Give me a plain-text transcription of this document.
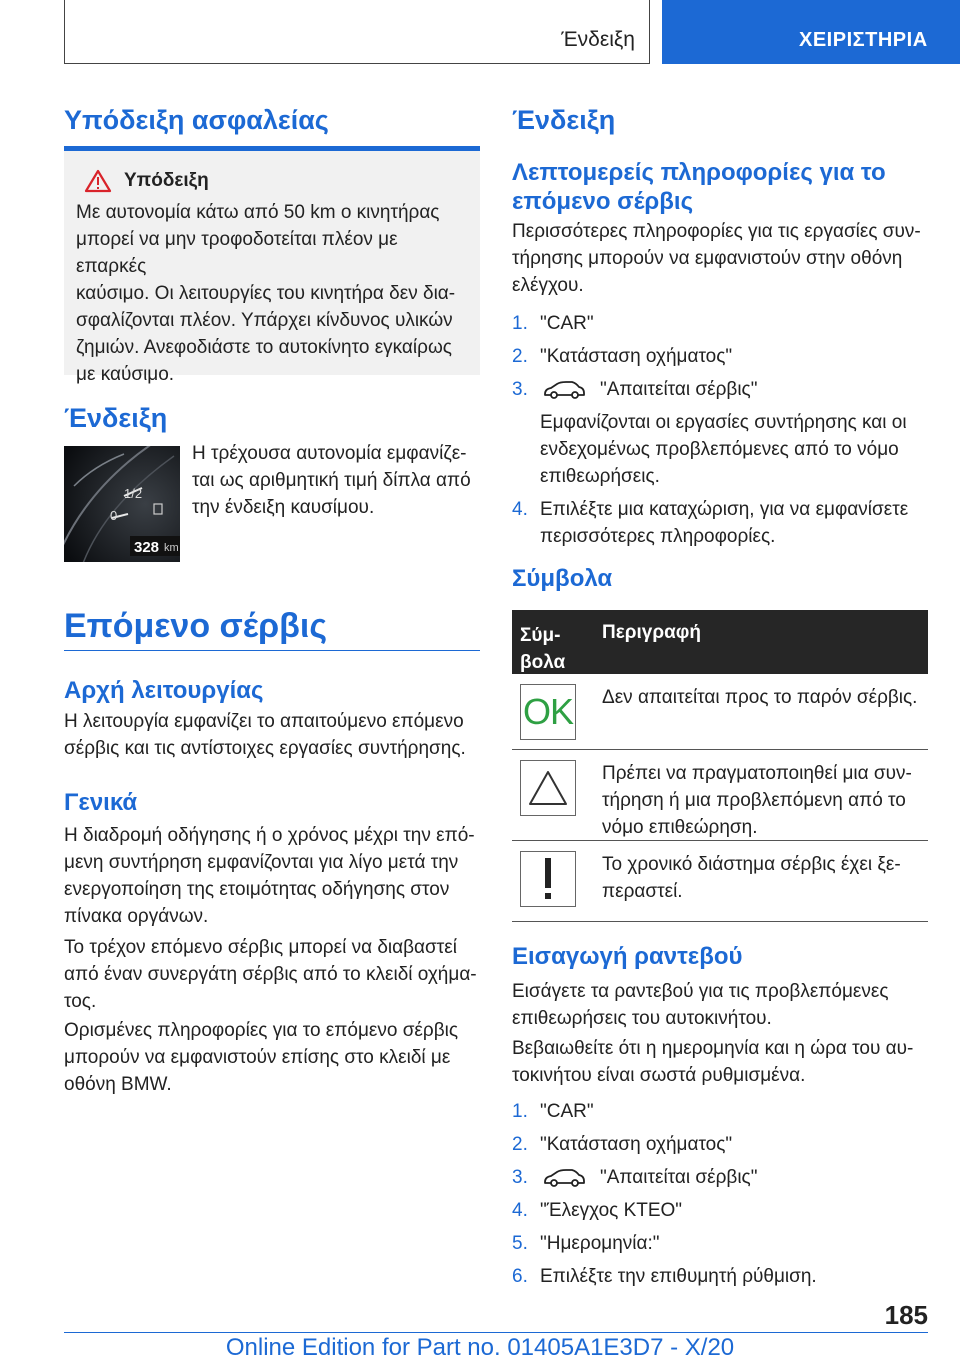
Ένδειξη	ΧΕΙΡΙΣΤΗΡΙΑ
Υπόδειξη ασφαλείας
Υπόδειξη

Με αυτονομία κάτω από 50 km ο κινητήρας

μπορεί να μην τροφοδοτείται πλέον με επαρκές

καύσιμο. Οι λειτουργίες του κινητήρα δεν δια-

σφαλίζονται πλέον. Υπάρχει κίνδυνος υλικών

ζημιών. Ανεφοδιάστε το αυτοκίνητο εγκαίρως

με καύσιμο.

Ένδειξη
1/2
0
328 km

Η τρέχουσα αυτονομία εμφανίζε-

ται ως αριθμητική τιμή δίπλα από

την ένδειξη καυσίμου.

Επόμενο σέρβις
Αρχή λειτουργίας

Η λειτουργία εμφανίζει το απαιτούμενο επόμενο

σέρβις και τις αντίστοιχες εργασίες συντήρησης.

Γενικά

Η διαδρομή οδήγησης ή ο χρόνος μέχρι την επό-

μενη συντήρηση εμφανίζονται για λίγο μετά την

ενεργοποίηση της ετοιμότητας οδήγησης στον

πίνακα οργάνων.

Το τρέχον επόμενο σέρβις μπορεί να διαβαστεί

από έναν συνεργάτη σέρβις από το κλειδί οχήμα-

τος.

Ορισμένες πληροφορίες για το επόμενο σέρβις

μπορούν να εμφανιστούν επίσης στο κλειδί με

οθόνη BMW.

Ένδειξη
Λεπτομερείς πληροφορίες για το
επόμενο σέρβις

Περισσότερες πληροφορίες για τις εργασίες συν-

τήρησης μπορούν να εμφανιστούν στην οθόνη

ελέγχου.

1. "CAR"
2. "Κατάσταση οχήματος"
3.	"Απαιτείται σέρβις"
Εμφανίζονται οι εργασίες συντήρησης και οι ενδεχομένως προβλεπόμενες από το νόμο επιθεωρήσεις.
4. Επιλέξτε μια καταχώριση, για να εμφανίσετε περισσότερες πληροφορίες.
Σύμβολα
Σύμ-
βολα
Περιγραφή
OK	Δεν απαιτείται προς το παρόν σέρβις.
Πρέπει να πραγματοποιηθεί μια συν-τήρηση ή μια προβλεπόμενη από το νόμο επιθεώρηση.
Το χρονικό διάστημα σέρβις έχει ξε-περαστεί.
Εισαγωγή ραντεβού

Εισάγετε τα ραντεβού για τις προβλεπόμενες

επιθεωρήσεις του αυτοκινήτου.

Βεβαιωθείτε ότι η ημερομηνία και η ώρα του αυ-

τοκινήτου είναι σωστά ρυθμισμένα.

1. "CAR"
2. "Κατάσταση οχήματος"
3.	"Απαιτείται σέρβις"
4. "Έλεγχος ΚΤΕΟ"
5. "Ημερομηνία:"
6. Επιλέξτε την επιθυμητή ρύθμιση.
185
Online Edition for Part no. 01405A1E3D7 - X/20
